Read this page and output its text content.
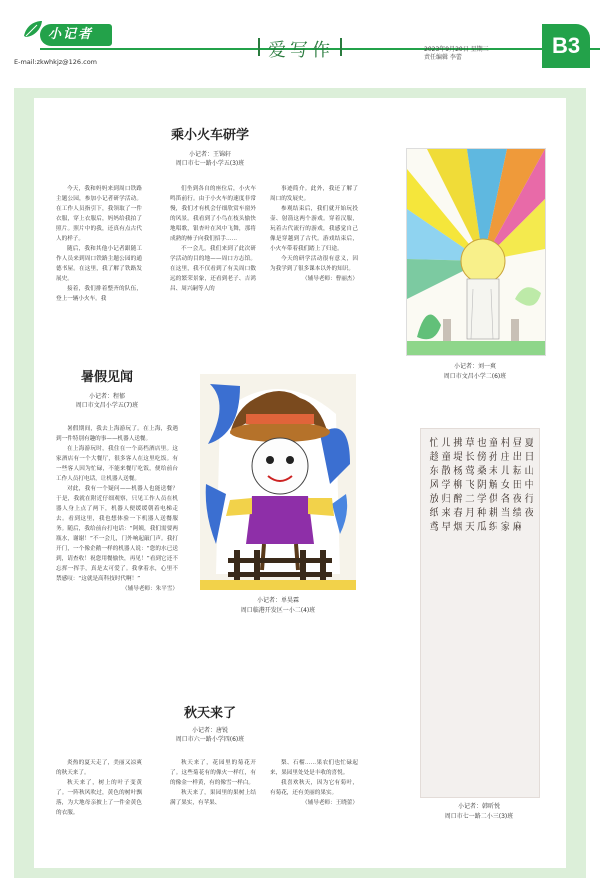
小记者
爱写作	2023年9月20日 星期三
责任编辑 李蕾
E-mail:zkwhkjz@126.com
B3
乘小火车研学
小记者：王锦轩
周口市七一路小学五(3)班

今天，我和妈妈来到周口铁路主题公园，参加小记者研学活动。在工作人员指引下，我领取了一件衣服，穿上衣服后，妈妈给我拍了照片。照片中的我，还真有点古代人的样子。

随后，我和其他小记者跟随工作人员来到周口铁路主题公园的通德书屋。在这里，我了解了铁路发展史。

接着，我们排着整齐的队伍，登上一辆小火车。我

们坐到各自的座位后，小火车鸣笛前行。由于小火车的速度非常慢，我们才有机会仔细欣赏车窗外的风景。我看到了小鸟在枝头愉快地唱歌，银杏叶在风中飞舞，那将成熟的柿子向我们招手……

不一会儿，我们来到了此次研学活动的目的地——周口方志馆。在这里，我不仅看到了有关周口数远的繁荣景象，还看到老子、吉鸿昌、周兴嗣等人的

事迹简介。此外，我还了解了周口的发展史。

参观结束后，我们就开始玩投壶、射箭这两个游戏。穿着汉服，玩着古代流行的游戏，我感觉自己像是穿越到了古代。游戏结束后，小火车带着我们踏上了归途。

今天的研学活动很有意义，因为我学到了很多课本以外的知识。

（辅导老师：曹丽杰）
小记者：刘一爽
周口市文昌小学二(6)班
暑假见闻
小记者：程郁
周口市文昌小学五(7)班

暑假期间，我去上海游玩了。在上海，我遇到一件特别有趣的事——机器人送餐。

在上海游玩时，我住在一个高档酒店里。这家酒店有一个大餐厅，很多客人在这里吃饭。有一些客人因为忙碌，不能来餐厅吃饭，便给前台工作人员打电话，让机器人送餐。

对此，我有一个疑问——机器人也能送餐？于是，我就在附近仔细观察，只见工作人员在机器人身上点了两下，机器人便缓缓朝着电梯走去。看到这里，我也想体验一下机器人送餐服务。随后，我给前台打电话：“阿姨，我们需要两瓶水，谢谢！”不一会儿，门外响起敲门声。我打开门，一个像企鹅一样的机器人说：“您的水已送到，请查收！祝您用餐愉快，再见！”看到它还不忘挥一挥手，真是太可爱了。我拿着水，心里不禁感叹：“这就是高科技时代啊！”

（辅导老师：朱平雪）
小记者：单昊霖
周口临港开发区一小二(4)班
夏日山中行夜
昼出耘田夜绩麻
村庄儿女各当家
童孙未解供耕织
也傍桑阴学种瓜
草长莺飞二月天
拂堤杨柳醉春烟
儿童散学归来早
忙趁东风放纸鸢
小记者：韩昕悦
周口市七一路二小三(3)班
秋天来了
小记者：唐锐
周口市六一路小学四(6)班

炎热的夏天走了，美丽又凉爽的秋天来了。

秋天来了，树上的叶子变黄了。一阵秋风吹过，黄色的树叶飘落，为大地母亲披上了一件金黄色的衣服。

秋天来了，花园里的菊花开了。这些菊花有的像火一样红，有的像金一样黄，有的像雪一样白。

秋天来了，果园里的果树上结满了果实，有苹果、

梨、石榴……果农们也忙碌起来，果园里处处是丰收的喜悦。

我喜欢秋天，因为它有菊叶，有菊花，还有美丽的果实。

（辅导老师：王晓蕾）
